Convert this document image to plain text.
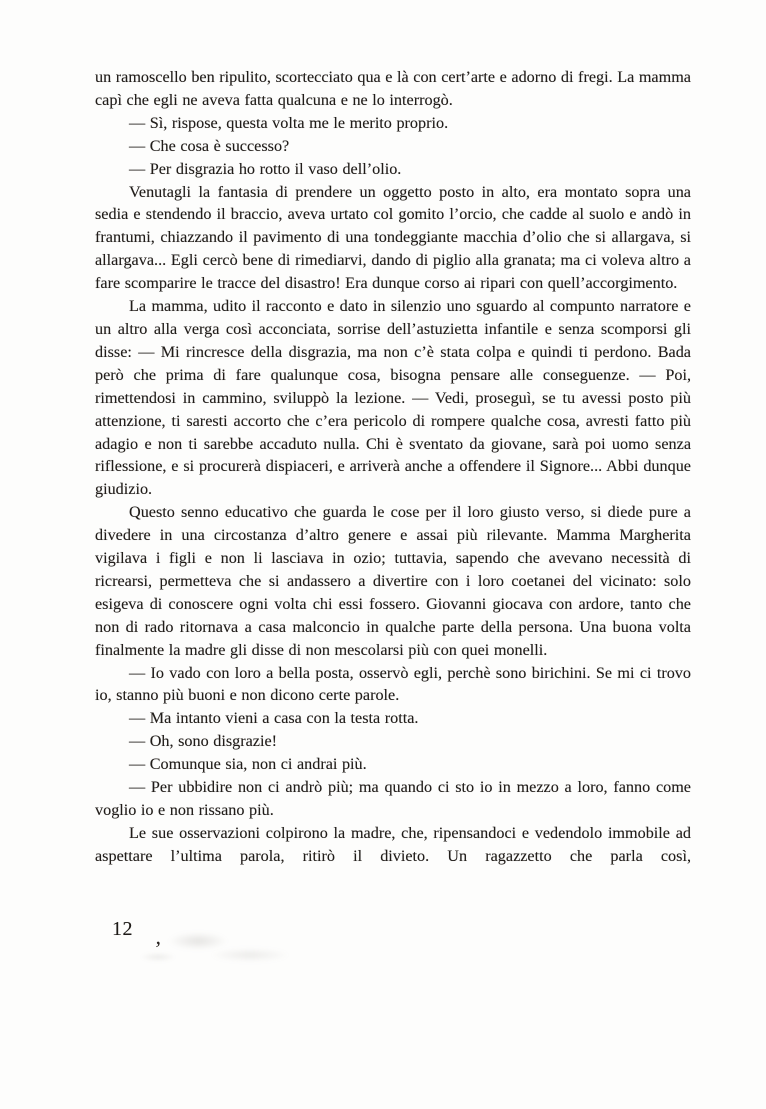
un ramoscello ben ripulito, scortecciato qua e là con cert’arte e adorno di fregi. La mamma capì che egli ne aveva fatta qualcuna e ne lo interrogò.

— Sì, rispose, questa volta me le merito proprio.

— Che cosa è successo?

— Per disgrazia ho rotto il vaso dell’olio.

Venutagli la fantasia di prendere un oggetto posto in alto, era montato sopra una sedia e stendendo il braccio, aveva urtato col gomito l’orcio, che cadde al suolo e andò in frantumi, chiazzando il pavimento di una tondeggiante macchia d’olio che si allargava, si allargava... Egli cercò bene di rimediarvi, dando di piglio alla granata; ma ci voleva altro a fare scomparire le tracce del disastro! Era dunque corso ai ripari con quell’accorgimento.

La mamma, udito il racconto e dato in silenzio uno sguardo al compunto narratore e un altro alla verga così acconciata, sorrise dell’astuzietta infantile e senza scomporsi gli disse: — Mi rincresce della disgrazia, ma non c’è stata colpa e quindi ti perdono. Bada però che prima di fare qualunque cosa, bisogna pensare alle conseguenze. — Poi, rimettendosi in cammino, sviluppò la lezione. — Vedi, proseguì, se tu avessi posto più attenzione, ti saresti accorto che c’era pericolo di rompere qualche cosa, avresti fatto più adagio e non ti sarebbe accaduto nulla. Chi è sventato da giovane, sarà poi uomo senza riflessione, e si procurerà dispiaceri, e arriverà anche a offendere il Signore... Abbi dunque giudizio.

Questo senno educativo che guarda le cose per il loro giusto verso, si diede pure a divedere in una circostanza d’altro genere e assai più rilevante. Mamma Margherita vigilava i figli e non li lasciava in ozio; tuttavia, sapendo che avevano necessità di ricrearsi, permetteva che si andassero a divertire con i loro coetanei del vicinato: solo esigeva di conoscere ogni volta chi essi fossero. Giovanni giocava con ardore, tanto che non di rado ritornava a casa malconcio in qualche parte della persona. Una buona volta finalmente la madre gli disse di non mescolarsi più con quei monelli.

— Io vado con loro a bella posta, osservò egli, perchè sono birichini. Se mi ci trovo io, stanno più buoni e non dicono certe parole.

— Ma intanto vieni a casa con la testa rotta.

— Oh, sono disgrazie!

— Comunque sia, non ci andrai più.

— Per ubbidire non ci andrò più; ma quando ci sto io in mezzo a loro, fanno come voglio io e non rissano più.

Le sue osservazioni colpirono la madre, che, ripensandoci e vedendolo immobile ad aspettare l’ultima parola, ritirò il divieto. Un ragazzetto che parla così,

12 ,
